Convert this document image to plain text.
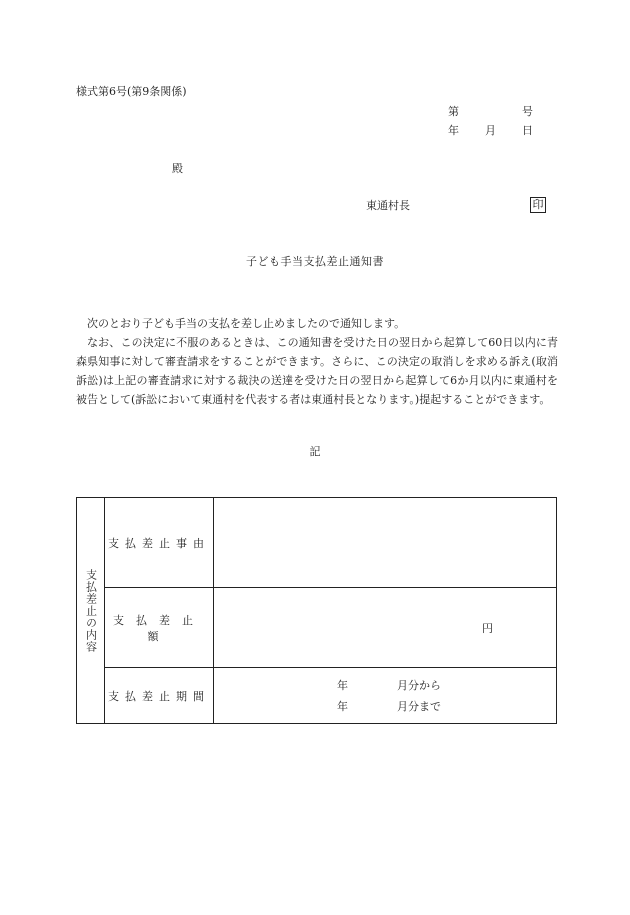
様式第6号(第9条関係)
第	号
年 月 日
殿
東通村長	印
子ども手当支払差止通知書

次のとおり子ども手当の支払を差し止めましたので通知します。

なお、この決定に不服のあるときは、この通知書を受けた日の翌日から起算して60日以内に青森県知事に対して審査請求をすることができます。さらに、この決定の取消しを求める訴え(取消訴訟)は上記の審査請求に対する裁決の送達を受けた日の翌日から起算して6か月以内に東通村を被告として(訴訟において東通村を代表する者は東通村長となります。)提起することができます。

記
支払差止の内容	支払差止事由	
	支払差止額	円

	支払差止期間	年 月分から
年 月分まで
